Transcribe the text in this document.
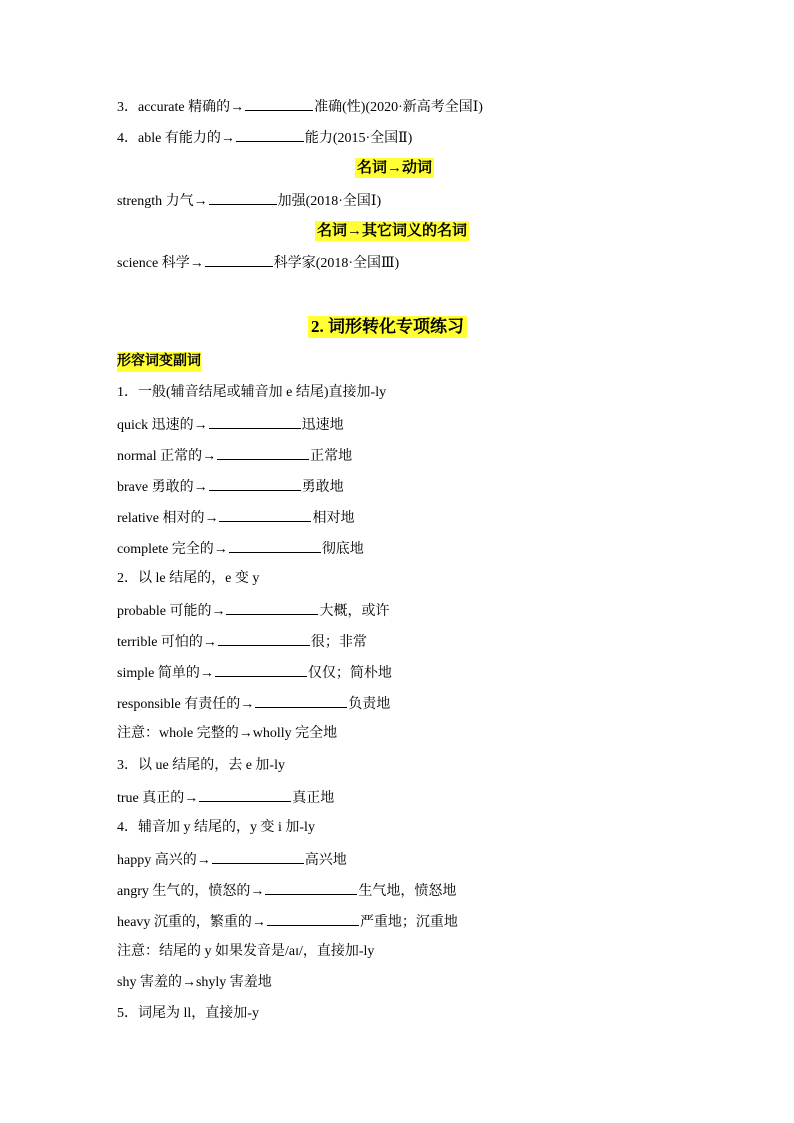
3．accurate 精确的→	准确(性)(2020·新高考全国Ⅰ)
4．able 有能力的→	能力(2015·全国Ⅱ)
名词→动词
strength 力气→	加强(2018·全国Ⅰ)
名词→其它词义的名词
science 科学→	科学家(2018·全国Ⅲ)
2. 词形转化专项练习
形容词变副词
1．一般(辅音结尾或辅音加 e 结尾)直接加-ly
quick 迅速的→	迅速地
normal 正常的→	正常地
brave 勇敢的→	勇敢地
relative 相对的→	相对地
complete 完全的→	彻底地
2．以 le 结尾的，e 变 y
probable 可能的→	大概，或许
terrible 可怕的→	很；非常
simple 简单的→	仅仅；简朴地
responsible 有责任的→	负责地
注意：whole 完整的→wholly 完全地
3．以 ue 结尾的，去 e 加-ly
true 真正的→	真正地
4．辅音加 y 结尾的，y 变 i 加-ly
happy 高兴的→	高兴地
angry 生气的，愤怒的→	生气地，愤怒地
heavy 沉重的，繁重的→	严重地；沉重地
注意：结尾的 y 如果发音是/aɪ/，直接加-ly
shy 害羞的→shyly 害羞地
5．词尾为 ll，直接加-y
